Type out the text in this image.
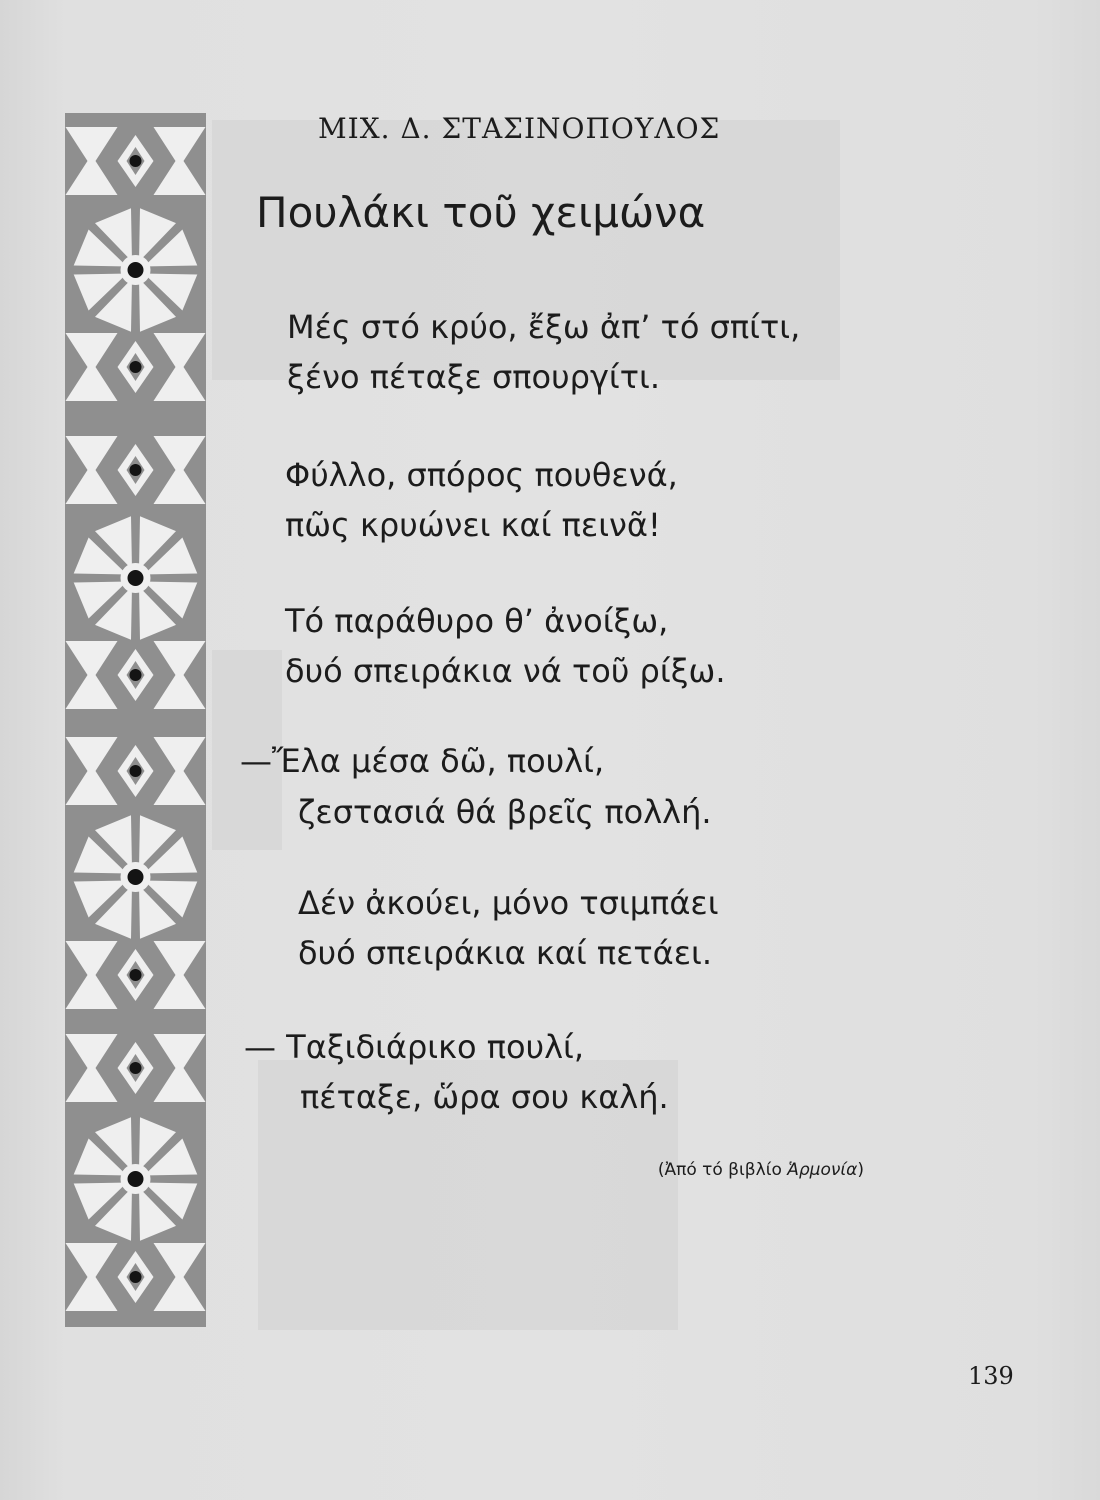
ΜΙΧ. Δ. ΣΤΑΣΙΝΟΠΟΥΛΟΣ
Πουλάκι τοῦ χειμώνα
Μές στό κρύο, ἔξω ἀπ’ τό σπίτι,
ξένο πέταξε σπουργίτι.
Φύλλο, σπόρος πουθενά,
πῶς κρυώνει καί πεινᾶ!
Τό παράθυρο θ’ ἀνοίξω,
δυό σπειράκια νά τοῦ ρίξω.
—Ἔλα μέσα δῶ, πουλί,
ζεστασιά θά βρεῖς πολλή.
Δέν ἀκούει, μόνο τσιμπάει
δυό σπειράκια καί πετάει.
— Ταξιδιάρικο πουλί,
πέταξε, ὥρα σου καλή.
(Ἀπό τό βιβλίο Ἁρμονία)
139
